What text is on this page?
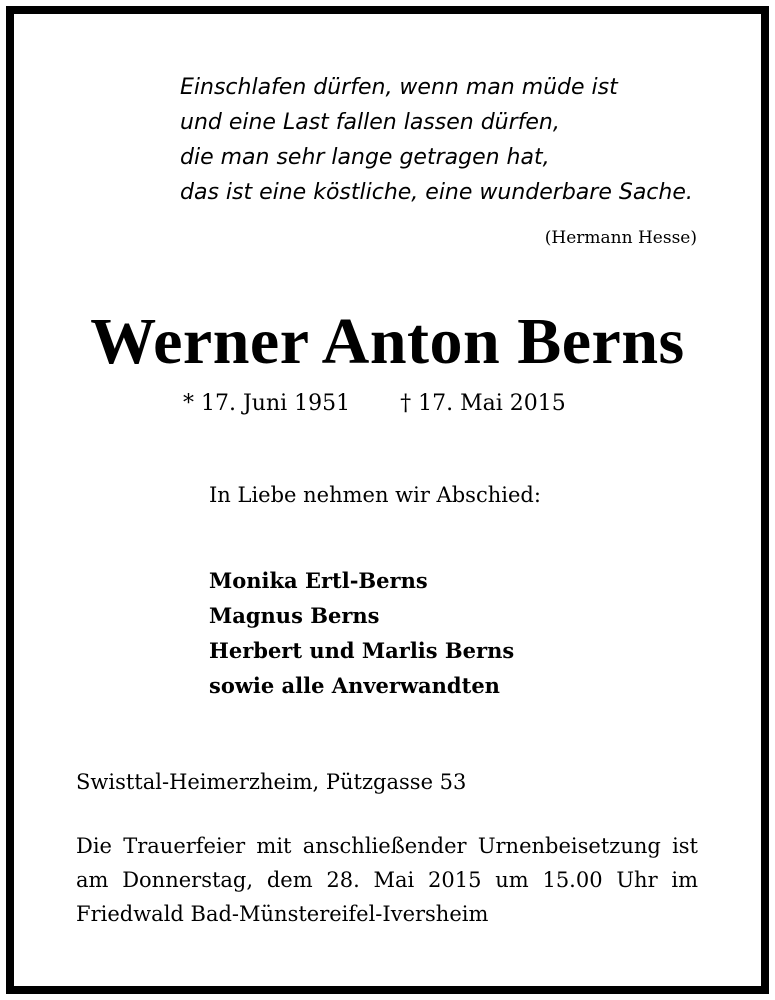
Einschlafen dürfen, wenn man müde ist
und eine Last fallen lassen dürfen,
die man sehr lange getragen hat,
das ist eine köstliche, eine wunderbare Sache.
(Hermann Hesse)
Werner Anton Berns
* 17. Juni 1951 † 17. Mai 2015
In Liebe nehmen wir Abschied:
Monika Ertl-Berns
Magnus Berns
Herbert und Marlis Berns
sowie alle Anverwandten
Swisttal-Heimerzheim, Pützgasse 53
Die Trauerfeier mit anschließender Urnenbeisetzung ist
am Donnerstag, dem 28. Mai 2015 um 15.00 Uhr im
Friedwald Bad-Münstereifel-Iversheim
